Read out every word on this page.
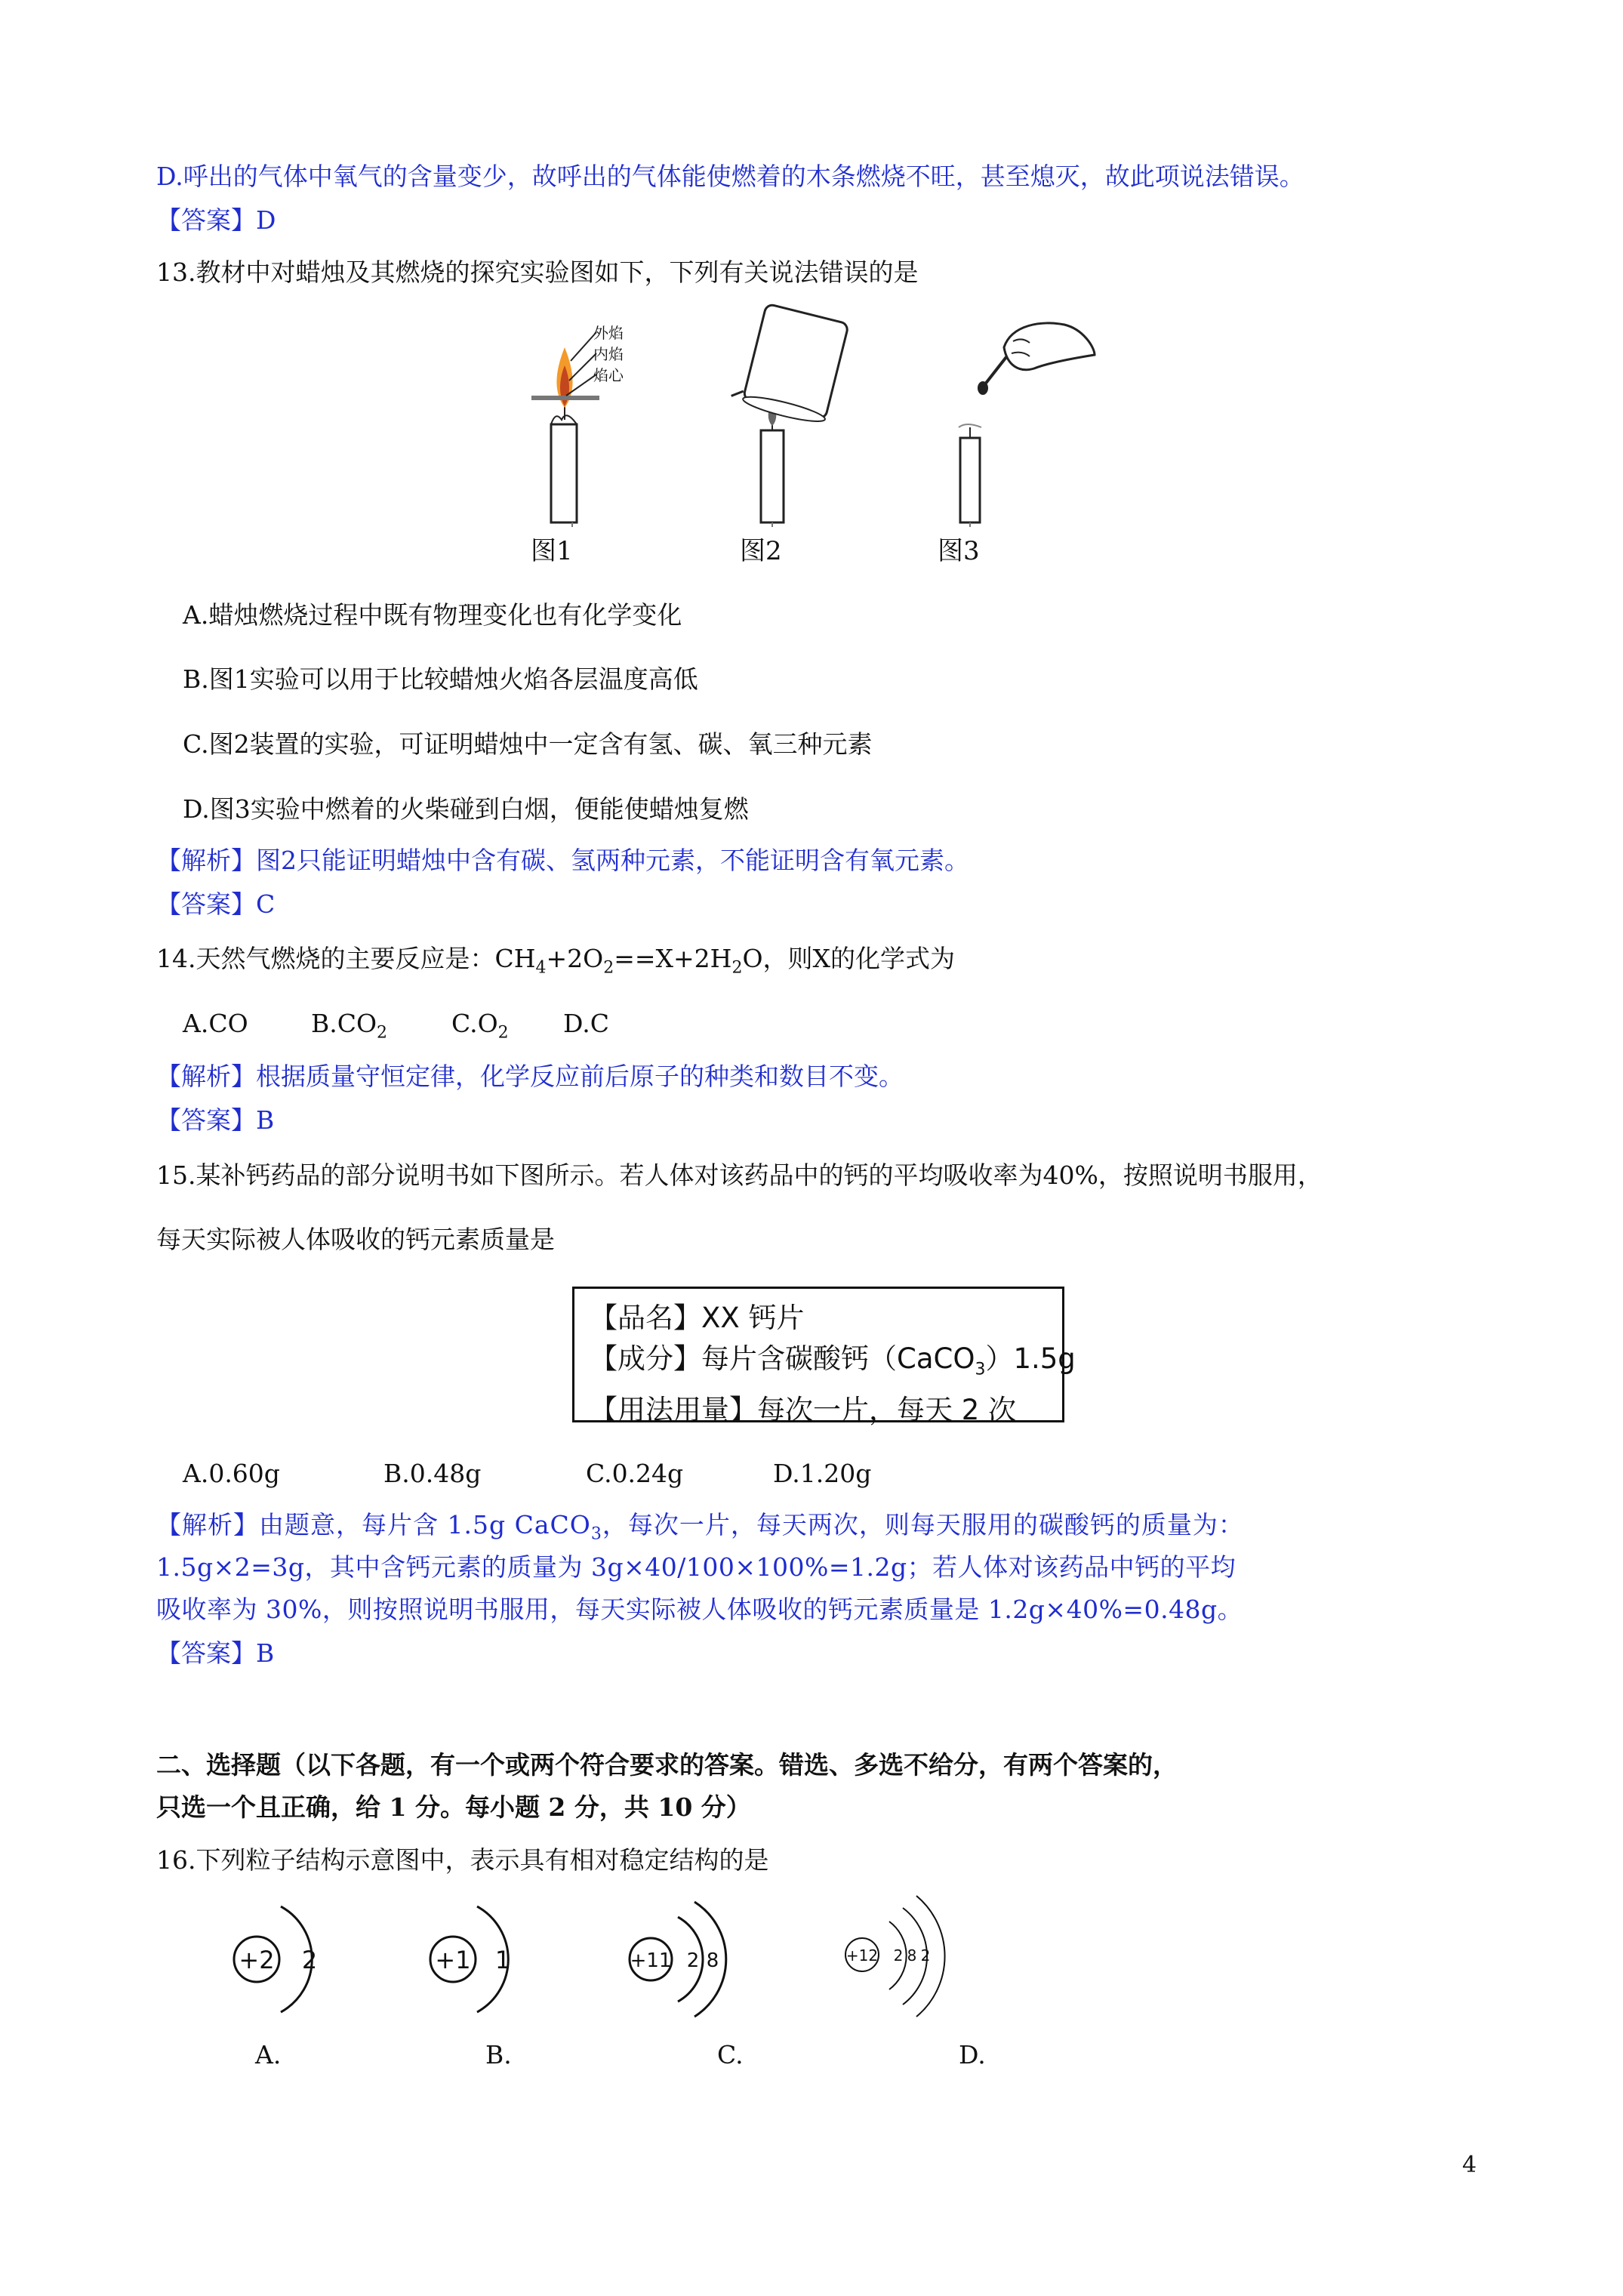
D.呼出的气体中氧气的含量变少，故呼出的气体能使燃着的木条燃烧不旺，甚至熄灭，故此项说法错误。
【答案】D
13.教材中对蜡烛及其燃烧的探究实验图如下，下列有关说法错误的是
外焰
内焰
焰心
图1	图2	图3
A.蜡烛燃烧过程中既有物理变化也有化学变化
B.图1实验可以用于比较蜡烛火焰各层温度高低
C.图2装置的实验，可证明蜡烛中一定含有氢、碳、氧三种元素
D.图3实验中燃着的火柴碰到白烟，便能使蜡烛复燃
【解析】图2只能证明蜡烛中含有碳、氢两种元素，不能证明含有氧元素。
【答案】C
14.天然气燃烧的主要反应是：$CH_4+2O_2==X+2H_2O$，则X的化学式为
A.CO	$B.CO_2$	$C.O_2$ D.C
【解析】根据质量守恒定律，化学反应前后原子的种类和数目不变。
【答案】B
15.某补钙药品的部分说明书如下图所示。若人体对该药品中的钙的平均吸收率为40%，按照说明书服用，
每天实际被人体吸收的钙元素质量是
【品名】XX 钙片
【成分】每片含碳酸钙（CaCO$_3$）1.5g
【用法用量】每次一片，每天 2 次
A.0.60g	B.0.48g	C.0.24g	D.1.20g
【解析】由题意，每片含 1.5g CaCO$_3$，每次一片，每天两次，则每天服用的碳酸钙的质量为：
1.5g×2=3g，其中含钙元素的质量为 3g×40/100×100%=1.2g；若人体对该药品中钙的平均
吸收率为 30%，则按照说明书服用，每天实际被人体吸收的钙元素质量是 1.2g×40%=0.48g。
【答案】B
二、选择题（以下各题，有一个或两个符合要求的答案。错选、多选不给分，有两个答案的，
只选一个且正确，给 1 分。每小题 2 分，共 10 分）
16.下列粒子结构示意图中，表示具有相对稳定结构的是
+2 2	+1 1	+11 2 8	+12 2 8 2
A.	B.	C.	D.
4
